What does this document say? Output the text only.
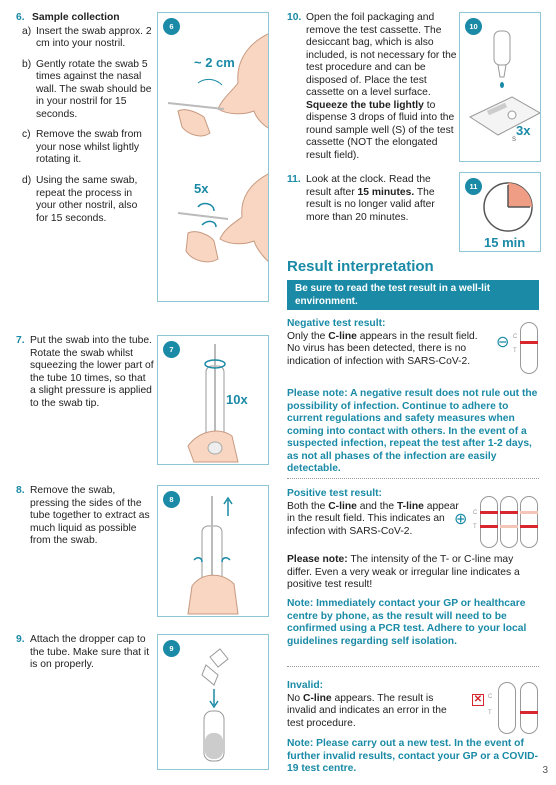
6. Sample collection
a) Insert the swab approx. 2 cm into your nostril.
b) Gently rotate the swab 5 times against the nasal wall. The swab should be in your nostril for 15 seconds.
c) Remove the swab from your nose whilst lightly rotating it.
d) Using the same swab, repeat the process in your other nostril, also for 15 seconds.
6
~ 2 cm
5x
7. Put the swab into the tube. Rotate the swab whilst squeezing the lower part of the tube 10 times, so that a slight pressure is applied to the swab tip.
7
10x
8. Remove the swab, pressing the sides of the tube together to extract as much liquid as possible from the swab.
8
9. Attach the dropper cap to the tube. Make sure that it is on properly.
9
10. Open the foil packaging and remove the test cassette. The desiccant bag, which is also included, is not necessary for the test procedure and can be disposed of. Place the test cassette on a level surface. Squeeze the tube lightly to dispense 3 drops of fluid into the round sample well (S) of the test cassette (NOT the elongated result field).
10
3x
S
11. Look at the clock. Read the result after 15 minutes. The result is no longer valid after more than 20 minutes.
11
15 min
Result interpretation
Be sure to read the test result in a well-lit environment.
Negative test result:
Only the C-line appears in the result field. No virus has been detected, there is no indication of infection with SARS-CoV-2.
⊖ C
T
Please note: A negative result does not rule out the possibility of infection. Continue to adhere to current regulations and safety measures when coming into contact with others. In the event of a suspected infection, repeat the test after 1-2 days, as not all phases of the infection are easily detectable.
Positive test result:
Both the C-line and the T-line appear in the result field. This indicates an infection with SARS-CoV-2.
Please note: The intensity of the T- or C-line may differ. Even a very weak or irregular line indicates a positive test result!
⊕ C
T
Note: Immediately contact your GP or healthcare centre by phone, as the result will need to be confirmed using a PCR test. Adhere to your local guidelines regarding self isolation.
Invalid:
No C-line appears. The result is invalid and indicates an error in the test procedure.
✕ C
T
Note: Please carry out a new test. In the event of further invalid results, contact your GP or a COVID-19 test centre.	3
